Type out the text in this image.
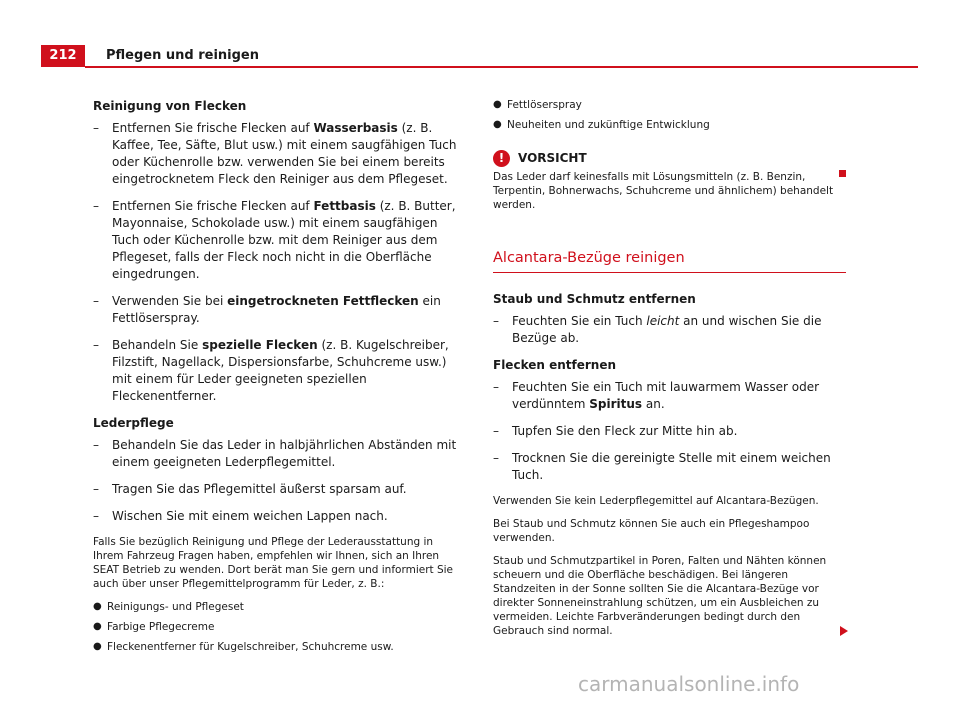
212	Pflegen und reinigen
Reinigung von Flecken
– Entfernen Sie frische Flecken auf Wasserbasis (z. B. Kaffee, Tee, Säfte, Blut usw.) mit einem saugfähigen Tuch oder Küchenrolle bzw. verwenden Sie bei einem bereits eingetrocknetem Fleck den Reiniger aus dem Pflegeset.
– Entfernen Sie frische Flecken auf Fettbasis (z. B. Butter, Mayonnaise, Schokolade usw.) mit einem saugfähigen Tuch oder Küchenrolle bzw. mit dem Reiniger aus dem Pflegeset, falls der Fleck noch nicht in die Oberfläche eingedrungen.
– Verwenden Sie bei eingetrockneten Fettflecken ein Fettlöserspray.
– Behandeln Sie spezielle Flecken (z. B. Kugelschreiber, Filzstift, Nagellack, Dispersionsfarbe, Schuhcreme usw.) mit einem für Leder geeigneten speziellen Fleckenentferner.
Lederpflege
– Behandeln Sie das Leder in halbjährlichen Abständen mit einem geeigneten Lederpflegemittel.
– Tragen Sie das Pflegemittel äußerst sparsam auf.
– Wischen Sie mit einem weichen Lappen nach.
Falls Sie bezüglich Reinigung und Pflege der Lederausstattung in Ihrem Fahrzeug Fragen haben, empfehlen wir Ihnen, sich an Ihren SEAT Betrieb zu wenden. Dort berät man Sie gern und informiert Sie auch über unser Pflegemittelprogramm für Leder, z. B.:
● Reinigungs- und Pflegeset
● Farbige Pflegecreme
● Fleckenentferner für Kugelschreiber, Schuhcreme usw.
● Fettlöserspray
● Neuheiten und zukünftige Entwicklung
!	VORSICHT
Das Leder darf keinesfalls mit Lösungsmitteln (z. B. Benzin, Terpentin, Bohnerwachs, Schuhcreme und ähnlichem) behandelt werden.
Alcantara-Bezüge reinigen
Staub und Schmutz entfernen
– Feuchten Sie ein Tuch leicht an und wischen Sie die Bezüge ab.
Flecken entfernen
– Feuchten Sie ein Tuch mit lauwarmem Wasser oder verdünntem Spiritus an.
– Tupfen Sie den Fleck zur Mitte hin ab.
– Trocknen Sie die gereinigte Stelle mit einem weichen Tuch.
Verwenden Sie kein Lederpflegemittel auf Alcantara-Bezügen.
Bei Staub und Schmutz können Sie auch ein Pflegeshampoo verwenden.
Staub und Schmutzpartikel in Poren, Falten und Nähten können scheuern und die Oberfläche beschädigen. Bei längeren Standzeiten in der Sonne sollten Sie die Alcantara-Bezüge vor direkter Sonneneinstrahlung schützen, um ein Ausbleichen zu vermeiden. Leichte Farbveränderungen bedingt durch den Gebrauch sind normal.
carmanualsonline.info
